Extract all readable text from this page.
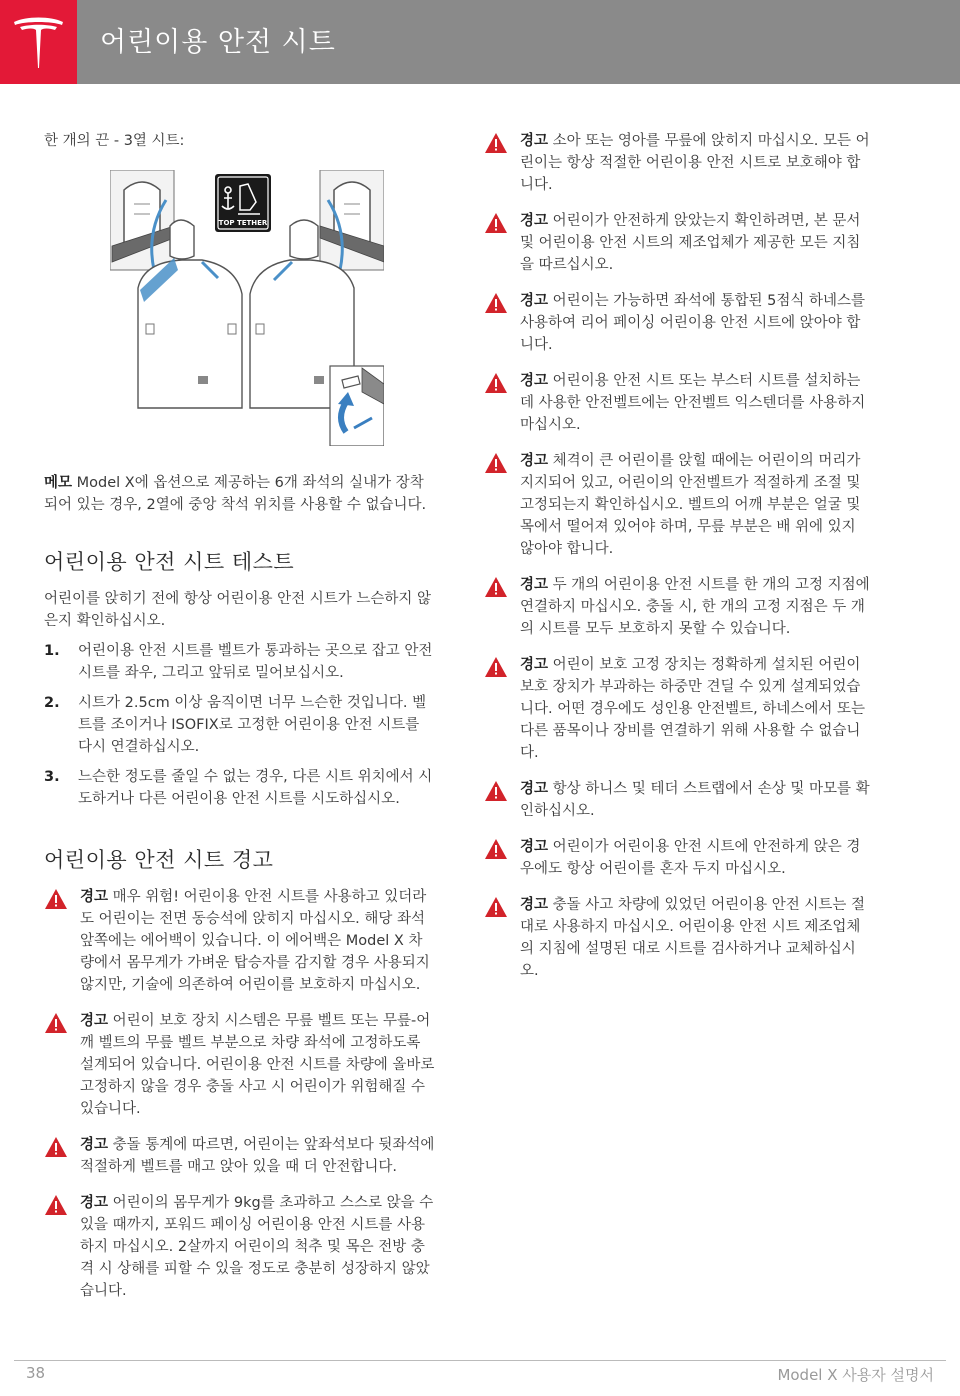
어린이용 안전 시트

한 개의 끈 - 3열 시트:

TOP TETHER

메모 Model X에 옵션으로 제공하는 6개 좌석의 실내가 장착되어 있는 경우, 2열에 중앙 착석 위치를 사용할 수 없습니다.

어린이용 안전 시트 테스트

어린이를 앉히기 전에 항상 어린이용 안전 시트가 느슨하지 않은지 확인하십시오.

1. 어린이용 안전 시트를 벨트가 통과하는 곳으로 잡고 안전 시트를 좌우, 그리고 앞뒤로 밀어보십시오.
2. 시트가 2.5cm 이상 움직이면 너무 느슨한 것입니다. 벨트를 조이거나 ISOFIX로 고정한 어린이용 안전 시트를 다시 연결하십시오.
3. 느슨한 정도를 줄일 수 없는 경우, 다른 시트 위치에서 시도하거나 다른 어린이용 안전 시트를 시도하십시오.
어린이용 안전 시트 경고
경고 매우 위험! 어린이용 안전 시트를 사용하고 있더라도 어린이는 전면 동승석에 앉히지 마십시오. 해당 좌석 앞쪽에는 에어백이 있습니다. 이 에어백은 Model X 차량에서 몸무게가 가벼운 탑승자를 감지할 경우 사용되지 않지만, 기술에 의존하여 어린이를 보호하지 마십시오.
경고 어린이 보호 장치 시스템은 무릎 벨트 또는 무릎-어깨 벨트의 무릎 벨트 부분으로 차량 좌석에 고정하도록 설계되어 있습니다. 어린이용 안전 시트를 차량에 올바로 고정하지 않을 경우 충돌 사고 시 어린이가 위험해질 수 있습니다.
경고 충돌 통계에 따르면, 어린이는 앞좌석보다 뒷좌석에 적절하게 벨트를 매고 앉아 있을 때 더 안전합니다.
경고 어린이의 몸무게가 9kg를 초과하고 스스로 앉을 수 있을 때까지, 포워드 페이싱 어린이용 안전 시트를 사용하지 마십시오. 2살까지 어린이의 척추 및 목은 전방 충격 시 상해를 피할 수 있을 정도로 충분히 성장하지 않았습니다.
경고 소아 또는 영아를 무릎에 앉히지 마십시오. 모든 어린이는 항상 적절한 어린이용 안전 시트로 보호해야 합니다.
경고 어린이가 안전하게 앉았는지 확인하려면, 본 문서 및 어린이용 안전 시트의 제조업체가 제공한 모든 지침을 따르십시오.
경고 어린이는 가능하면 좌석에 통합된 5점식 하네스를 사용하여 리어 페이싱 어린이용 안전 시트에 앉아야 합니다.
경고 어린이용 안전 시트 또는 부스터 시트를 설치하는 데 사용한 안전벨트에는 안전벨트 익스텐더를 사용하지 마십시오.
경고 체격이 큰 어린이를 앉힐 때에는 어린이의 머리가 지지되어 있고, 어린이의 안전벨트가 적절하게 조절 및 고정되는지 확인하십시오. 벨트의 어깨 부분은 얼굴 및 목에서 떨어져 있어야 하며, 무릎 부분은 배 위에 있지 않아야 합니다.
경고 두 개의 어린이용 안전 시트를 한 개의 고정 지점에 연결하지 마십시오. 충돌 시, 한 개의 고정 지점은 두 개의 시트를 모두 보호하지 못할 수 있습니다.
경고 어린이 보호 고정 장치는 정확하게 설치된 어린이 보호 장치가 부과하는 하중만 견딜 수 있게 설계되었습니다. 어떤 경우에도 성인용 안전벨트, 하네스에서 또는 다른 품목이나 장비를 연결하기 위해 사용할 수 없습니다.
경고 항상 하니스 및 테더 스트랩에서 손상 및 마모를 확인하십시오.
경고 어린이가 어린이용 안전 시트에 안전하게 앉은 경우에도 항상 어린이를 혼자 두지 마십시오.
경고 충돌 사고 차량에 있었던 어린이용 안전 시트는 절대로 사용하지 마십시오. 어린이용 안전 시트 제조업체의 지침에 설명된 대로 시트를 검사하거나 교체하십시오.
38	Model X 사용자 설명서
